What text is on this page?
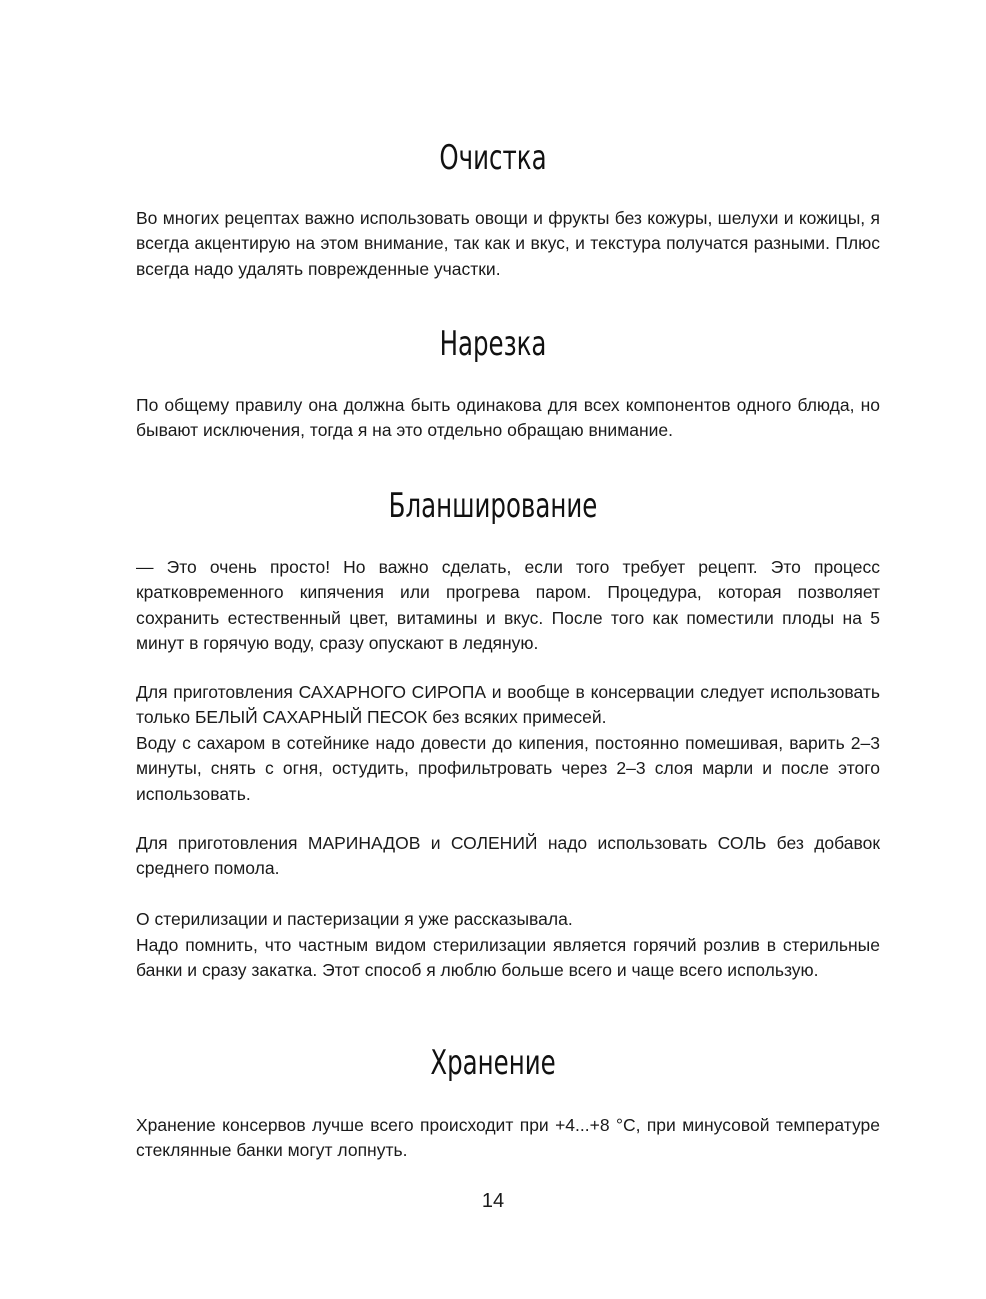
Очистка

Во многих рецептах важно использовать овощи и фрукты без кожуры, шелухи и кожицы, я всегда акцентирую на этом внимание, так как и вкус, и текстура получатся разными. Плюс всегда надо удалять поврежденные участки.

Нарезка

По общему правилу она должна быть одинакова для всех компонентов одного блюда, но бывают исключения, тогда я на это отдельно обращаю внимание.

Бланширование

— Это очень просто! Но важно сделать, если того требует рецепт. Это процесс кратковременного кипячения или прогрева паром. Процедура, которая позволяет сохранить естественный цвет, витамины и вкус. После того как поместили плоды на 5 минут в горячую воду, сразу опускают в ледяную.

Для приготовления САХАРНОГО СИРОПА и вообще в консервации следует использовать только БЕЛЫЙ САХАРНЫЙ ПЕСОК без всяких примесей.

Воду с сахаром в сотейнике надо довести до кипения, постоянно помешивая, варить 2–3 минуты, снять с огня, остудить, профильтровать через 2–3 слоя марли и после этого использовать.

Для приготовления МАРИНАДОВ и СОЛЕНИЙ надо использовать СОЛЬ без добавок среднего помола.

О стерилизации и пастеризации я уже рассказывала.

Надо помнить, что частным видом стерилизации является горячий розлив в стерильные банки и сразу закатка. Этот способ я люблю больше всего и чаще всего использую.

Хранение

Хранение консервов лучше всего происходит при +4...+8 °С, при минусовой температуре стеклянные банки могут лопнуть.

14
